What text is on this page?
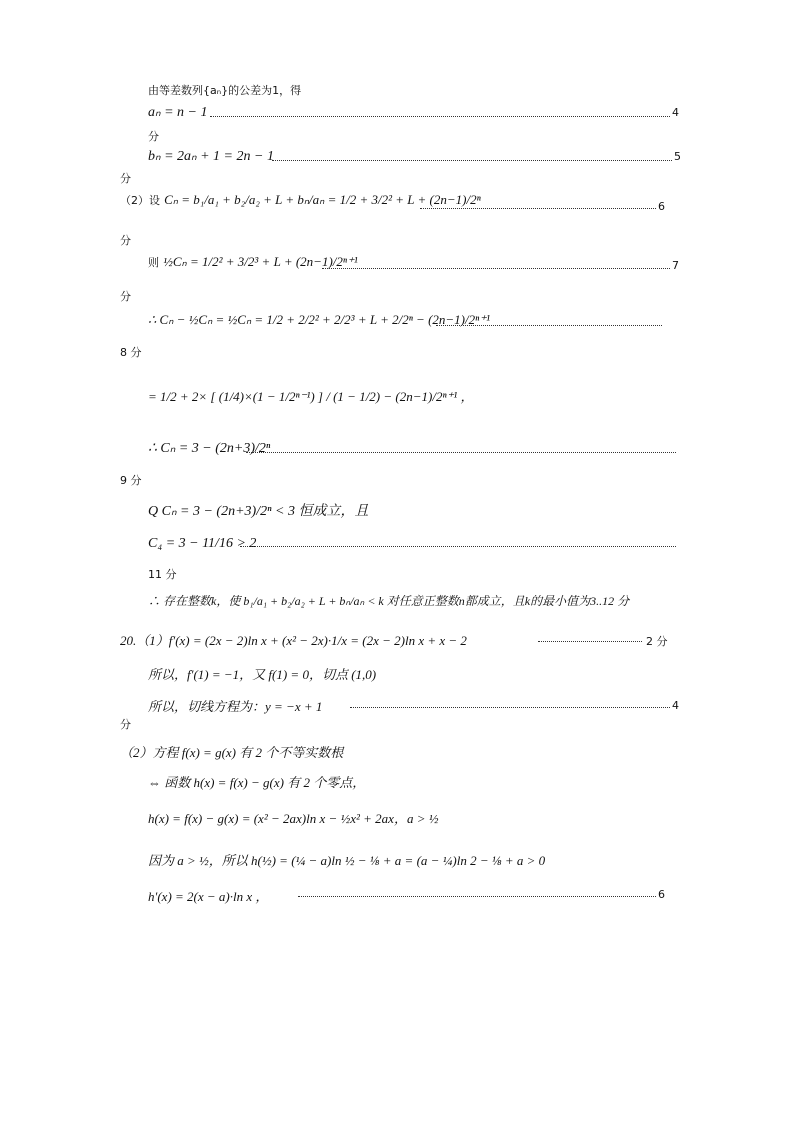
由等差数列{aₙ}的公差为1，得
aₙ = n − 1	4
分
bₙ = 2aₙ + 1 = 2n − 1	5
分
（2）设 Cₙ = b₁/a₁ + b₂/a₂ + L + bₙ/aₙ = 1/2 + 3/2² + L + (2n−1)/2ⁿ	6
分
则 ½Cₙ = 1/2² + 3/2³ + L + (2n−1)/2ⁿ⁺¹	7
分
∴ Cₙ − ½Cₙ = ½Cₙ = 1/2 + 2/2² + 2/2³ + L + 2/2ⁿ − (2n−1)/2ⁿ⁺¹
8 分
= 1/2 + 2× [ (1/4)×(1 − 1/2ⁿ⁻¹) ] / (1 − 1/2) − (2n−1)/2ⁿ⁺¹ ，
∴ Cₙ = 3 − (2n+3)/2ⁿ
9 分
Q Cₙ = 3 − (2n+3)/2ⁿ < 3 恒成立，且
C₄ = 3 − 11/16 > 2
11 分
∴ 存在整数k，使 b₁/a₁ + b₂/a₂ + L + bₙ/aₙ < k 对任意正整数n都成立，且k的最小值为3..12 分
20.（1）f′(x) = (2x − 2)ln x + (x² − 2x)·1/x = (2x − 2)ln x + x − 2	2 分
所以，f′(1) = −1，又 f(1) = 0，切点 (1,0)
所以，切线方程为：y = −x + 1	4
分
（2）方程 f(x) = g(x) 有 2 个不等实数根
⇔ 函数 h(x) = f(x) − g(x) 有 2 个零点，
h(x) = f(x) − g(x) = (x² − 2ax)ln x − ½x² + 2ax，a > ½
因为 a > ½，所以 h(½) = (¼ − a)ln ½ − ⅛ + a = (a − ¼)ln 2 − ⅛ + a > 0
h′(x) = 2(x − a)·ln x ，	6
